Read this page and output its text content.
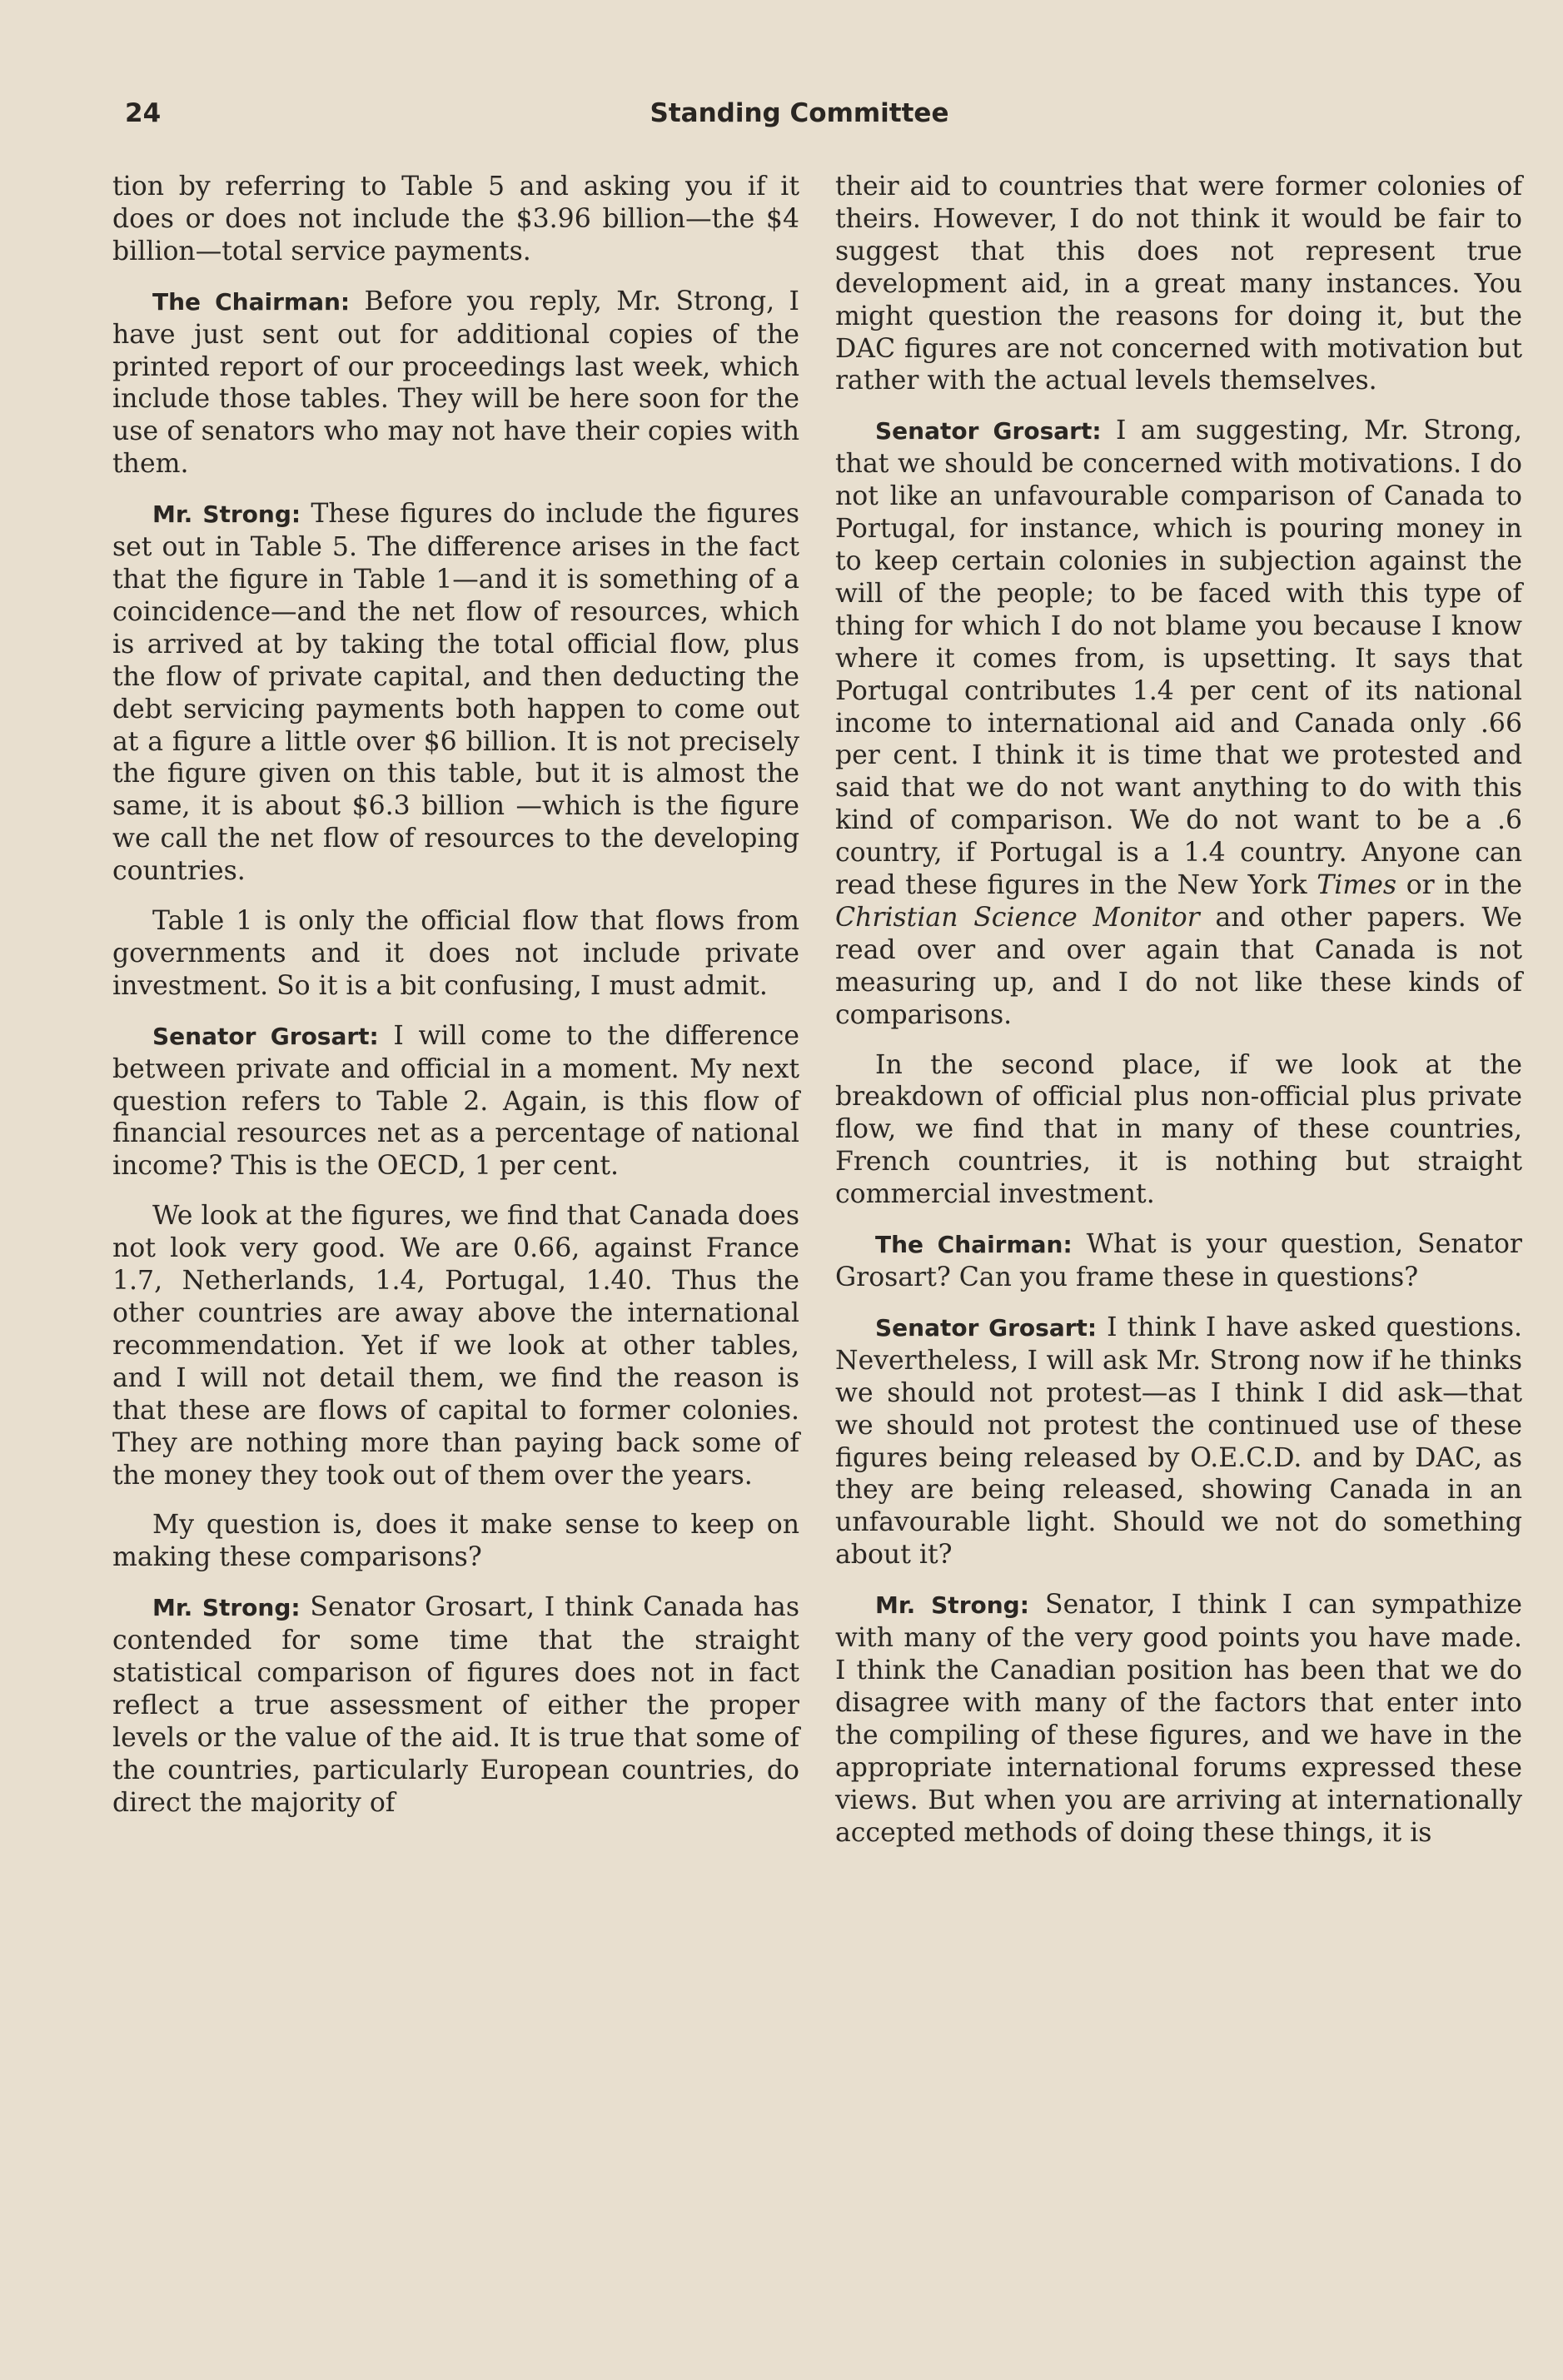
24	Standing Committee

tion by referring to Table 5 and asking you if it does or does not include the $3.96 billion—the $4 billion—total service payments.

The Chairman: Before you reply, Mr. Strong, I have just sent out for additional copies of the printed report of our proceedings last week, which include those tables. They will be here soon for the use of senators who may not have their copies with them.

Mr. Strong: These figures do include the figures set out in Table 5. The difference arises in the fact that the figure in Table 1—and it is something of a coincidence—and the net flow of resources, which is arrived at by taking the total official flow, plus the flow of private capital, and then deducting the debt servicing payments both happen to come out at a figure a little over $6 billion. It is not precisely the figure given on this table, but it is almost the same, it is about $6.3 billion —which is the figure we call the net flow of resources to the developing countries.

Table 1 is only the official flow that flows from governments and it does not include private investment. So it is a bit confusing, I must admit.

Senator Grosart: I will come to the difference between private and official in a moment. My next question refers to Table 2. Again, is this flow of financial resources net as a percentage of national income? This is the OECD, 1 per cent.

We look at the figures, we find that Canada does not look very good. We are 0.66, against France 1.7, Netherlands, 1.4, Portugal, 1.40. Thus the other countries are away above the international recommendation. Yet if we look at other tables, and I will not detail them, we find the reason is that these are flows of capital to former colonies. They are nothing more than paying back some of the money they took out of them over the years.

My question is, does it make sense to keep on making these comparisons?

Mr. Strong: Senator Grosart, I think Canada has contended for some time that the straight statistical comparison of figures does not in fact reflect a true assessment of either the proper levels or the value of the aid. It is true that some of the countries, particularly European countries, do direct the majority of

their aid to countries that were former colonies of theirs. However, I do not think it would be fair to suggest that this does not represent true development aid, in a great many instances. You might question the reasons for doing it, but the DAC figures are not concerned with motivation but rather with the actual levels themselves.

Senator Grosart: I am suggesting, Mr. Strong, that we should be concerned with motivations. I do not like an unfavourable comparison of Canada to Portugal, for instance, which is pouring money in to keep certain colonies in subjection against the will of the people; to be faced with this type of thing for which I do not blame you because I know where it comes from, is upsetting. It says that Portugal contributes 1.4 per cent of its national income to international aid and Canada only .66 per cent. I think it is time that we protested and said that we do not want anything to do with this kind of comparison. We do not want to be a .6 country, if Portugal is a 1.4 country. Anyone can read these figures in the New York Times or in the Christian Science Monitor and other papers. We read over and over again that Canada is not measuring up, and I do not like these kinds of comparisons.

In the second place, if we look at the breakdown of official plus non-official plus private flow, we find that in many of these countries, French countries, it is nothing but straight commercial investment.

The Chairman: What is your question, Senator Grosart? Can you frame these in questions?

Senator Grosart: I think I have asked questions. Nevertheless, I will ask Mr. Strong now if he thinks we should not protest—as I think I did ask—that we should not protest the continued use of these figures being released by O.E.C.D. and by DAC, as they are being released, showing Canada in an unfavourable light. Should we not do something about it?

Mr. Strong: Senator, I think I can sympathize with many of the very good points you have made. I think the Canadian position has been that we do disagree with many of the factors that enter into the compiling of these figures, and we have in the appropriate international forums expressed these views. But when you are arriving at internationally accepted methods of doing these things, it is
